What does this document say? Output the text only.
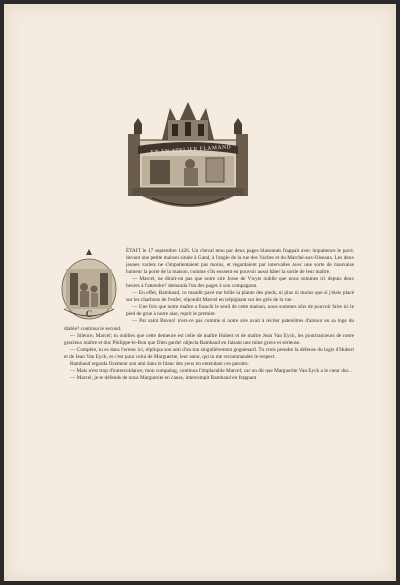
EN EN ATELIER FLAMAND
C

ÉTAIT le 17 septembre 1426. Un cheval tenu par deux pages blasonnés frappait avec impatience le pavé, devant une petite maison située à Gand, à l'angle de la rue des Vaches et du Marché-aux-Oiseaux. Les deux jeunes varlets ne s'impatientaient pas moins, et regardaient par intervalles avec une sorte de mauvaise humeur la porte de la maison, comme s'ils eussent eu pouvoir aussi hâter la sortie de leur maître.

— Marcel, ne dirait-on pas que notre sire Josse de Vwyts oublie que nous sommes ici depuis deux heures à l'attendre? demanda l'un des pages à son compagnon.

— En effet, Rambaud, ce maudit pavé me brûle la plante des pieds, ni plus ni moins que si j'étais placé sur les charbons de l'enfer, répondit Marcel en trépignant sur les grès de la rue.

— Une fois que notre maître a franchi le seuil de cette maison, nous sommes sûrs de pouvoir faire ici le pied de grue à notre aise, reprit le premier.

— Par saint Bavon! n'est-ce pas comme si notre sire avait à réciter patenôtres d'amour en sa loge du diable? continua le second.

— Silence, Marcel; tu oublies que cette demeure est celle de maître Hubert et de maître Jean Van Eyck, les pourtraicteurs de notre gracieux maître et duc Philippe-le-Bon que Dieu garde! objecta Rambaud en faisant une mine grave et sérieuse.

— Compère, tu es dans l'erreur ici, répliqua son ami d'un ton singulièrement goguenard. Tu crois prendre la défense du logis d'Hubert et de Jean Van Eyck, et c'est pour celui de Marguerite, leur sœur, qui tu me recommandes le respect.

Rambaud regarda fixement son ami dans le blanc des yeux en entendant ces paroles.

— Mais n'est trop d'outrecuidance, mon compaing, continua l'implacable Marcel; car on dit que Marguerite Van Eyck a le cœur dur...

— Marcel, je te défends de nous Marguerite en cause, interrompit Rambaud en frappant
